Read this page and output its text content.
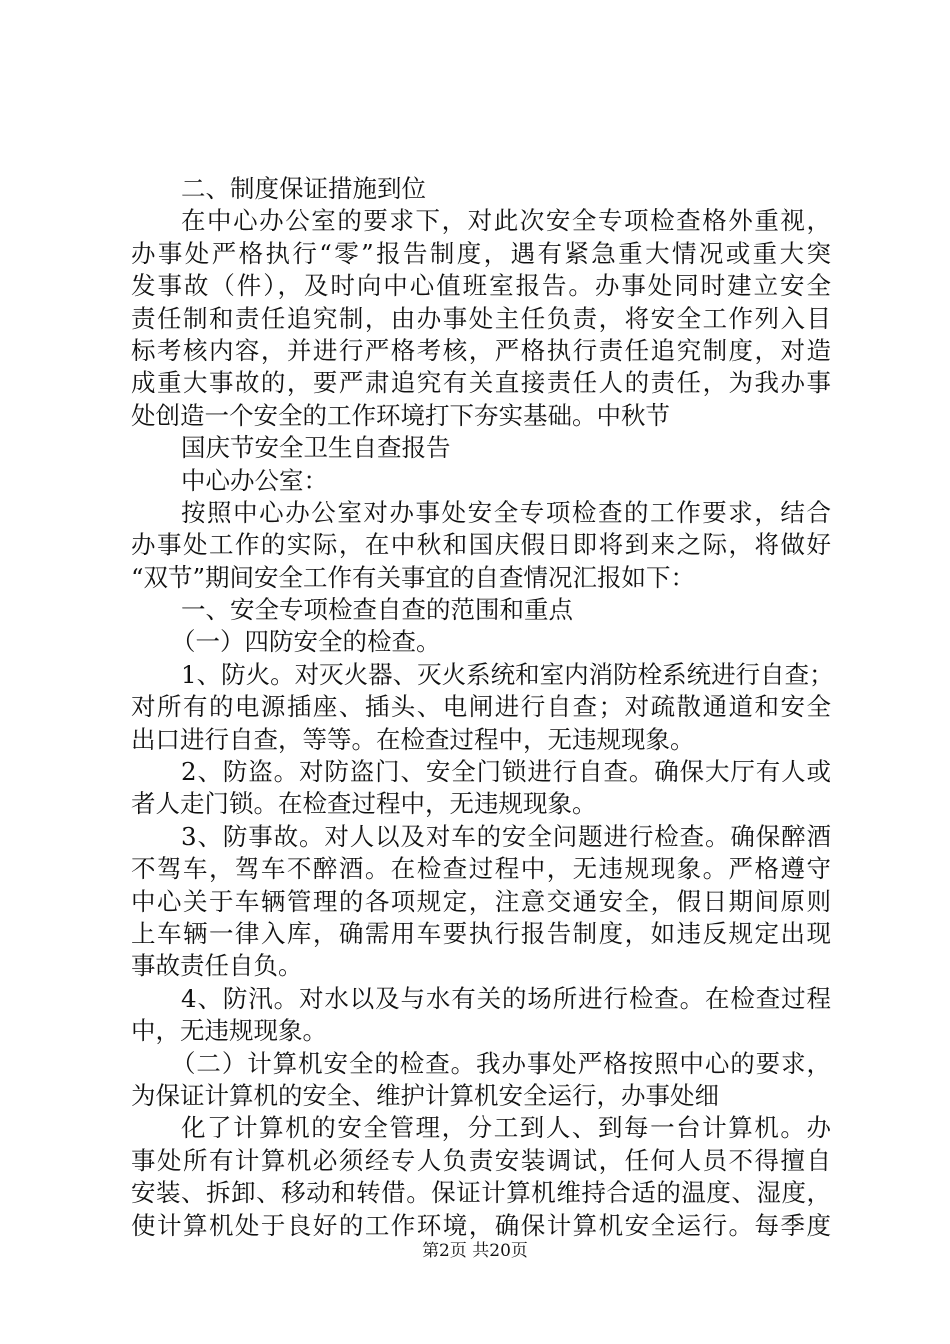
二、制度保证措施到位
在中心办公室的要求下，对此次安全专项检查格外重视，
办事处严格执行“零”报告制度，遇有紧急重大情况或重大突
发事故（件），及时向中心值班室报告。办事处同时建立安全
责任制和责任追究制，由办事处主任负责，将安全工作列入目
标考核内容，并进行严格考核，严格执行责任追究制度，对造
成重大事故的，要严肃追究有关直接责任人的责任，为我办事
处创造一个安全的工作环境打下夯实基础。中秋节
国庆节安全卫生自查报告
中心办公室：
按照中心办公室对办事处安全专项检查的工作要求，结合
办事处工作的实际，在中秋和国庆假日即将到来之际，将做好
“双节”期间安全工作有关事宜的自查情况汇报如下：
一、安全专项检查自查的范围和重点
（一）四防安全的检查。
1、防火。对灭火器、灭火系统和室内消防栓系统进行自查；
对所有的电源插座、插头、电闸进行自查；对疏散通道和安全
出口进行自查，等等。在检查过程中，无违规现象。
2、防盗。对防盗门、安全门锁进行自查。确保大厅有人或
者人走门锁。在检查过程中，无违规现象。
3、防事故。对人以及对车的安全问题进行检查。确保醉酒
不驾车，驾车不醉酒。在检查过程中，无违规现象。严格遵守
中心关于车辆管理的各项规定，注意交通安全，假日期间原则
上车辆一律入库，确需用车要执行报告制度，如违反规定出现
事故责任自负。
4、防汛。对水以及与水有关的场所进行检查。在检查过程
中，无违规现象。
（二）计算机安全的检查。我办事处严格按照中心的要求，
为保证计算机的安全、维护计算机安全运行，办事处细
化了计算机的安全管理，分工到人、到每一台计算机。办
事处所有计算机必须经专人负责安装调试，任何人员不得擅自
安装、拆卸、移动和转借。保证计算机维持合适的温度、湿度，
使计算机处于良好的工作环境，确保计算机安全运行。每季度
第2页 共20页
